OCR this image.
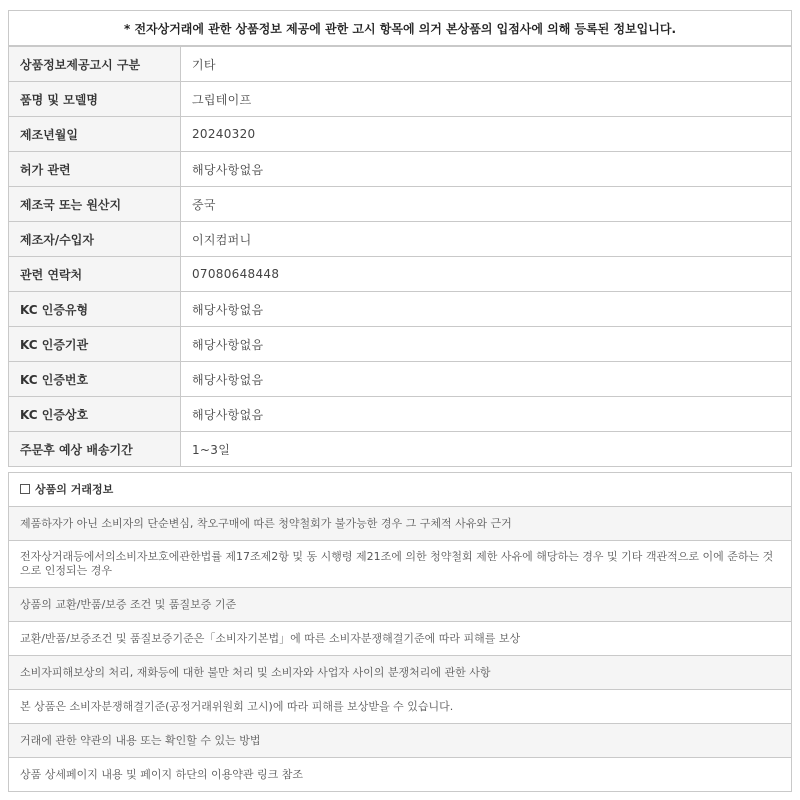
* 전자상거래에 관한 상품정보 제공에 관한 고시 항목에 의거 본상품의 입점사에 의해 등록된 정보입니다.
상품정보제공고시 구분	기타
품명 및 모델명	그립테이프
제조년월일	20240320
허가 관련	해당사항없음
제조국 또는 원산지	중국
제조자/수입자	이지컴퍼니
관련 연락처	07080648448
KC 인증유형	해당사항없음
KC 인증기관	해당사항없음
KC 인증번호	해당사항없음
KC 인증상호	해당사항없음
주문후 예상 배송기간	1~3일
상품의 거래정보
제품하자가 아닌 소비자의 단순변심, 착오구매에 따른 청약철회가 불가능한 경우 그 구체적 사유와 근거
전자상거래등에서의소비자보호에관한법률 제17조제2항 및 동 시행령 제21조에 의한 청약철회 제한 사유에 해당하는 경우 및 기타 객관적으로 이에 준하는 것으로 인정되는 경우
상품의 교환/반품/보증 조건 및 품질보증 기준
교환/반품/보증조건 및 품질보증기준은「소비자기본법」에 따른 소비자분쟁해결기준에 따라 피해를 보상
소비자피해보상의 처리, 재화등에 대한 불만 처리 및 소비자와 사업자 사이의 분쟁처리에 관한 사항
본 상품은 소비자분쟁해결기준(공정거래위원회 고시)에 따라 피해를 보상받을 수 있습니다.
거래에 관한 약관의 내용 또는 확인할 수 있는 방법
상품 상세페이지 내용 및 페이지 하단의 이용약관 링크 참조
